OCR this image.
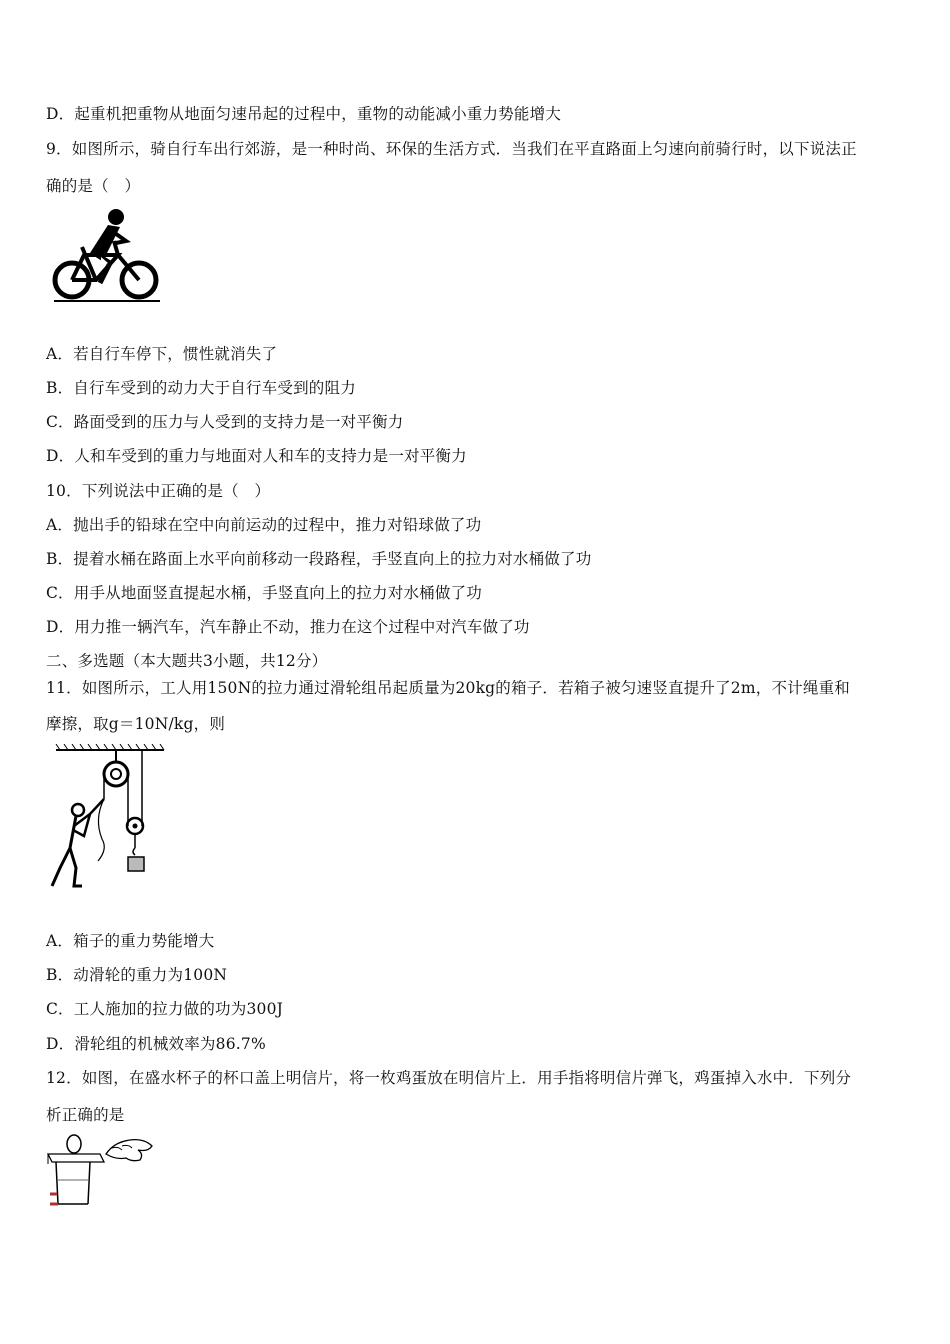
D．起重机把重物从地面匀速吊起的过程中，重物的动能减小重力势能增大
9．如图所示，骑自行车出行郊游，是一种时尚、环保的生活方式．当我们在平直路面上匀速向前骑行时，以下说法正
确的是（　）
A．若自行车停下，惯性就消失了
B．自行车受到的动力大于自行车受到的阻力
C．路面受到的压力与人受到的支持力是一对平衡力
D．人和车受到的重力与地面对人和车的支持力是一对平衡力
10．下列说法中正确的是（　）
A．抛出手的铅球在空中向前运动的过程中，推力对铅球做了功
B．提着水桶在路面上水平向前移动一段路程，手竖直向上的拉力对水桶做了功
C．用手从地面竖直提起水桶，手竖直向上的拉力对水桶做了功
D．用力推一辆汽车，汽车静止不动，推力在这个过程中对汽车做了功
二、多选题（本大题共3小题，共12分）
11．如图所示，工人用150N的拉力通过滑轮组吊起质量为20kg的箱子．若箱子被匀速竖直提升了2m，不计绳重和
摩擦，取g＝10N/kg，则
A．箱子的重力势能增大
B．动滑轮的重力为100N
C．工人施加的拉力做的功为300J
D．滑轮组的机械效率为86.7%
12．如图，在盛水杯子的杯口盖上明信片，将一枚鸡蛋放在明信片上．用手指将明信片弹飞，鸡蛋掉入水中．下列分
析正确的是
